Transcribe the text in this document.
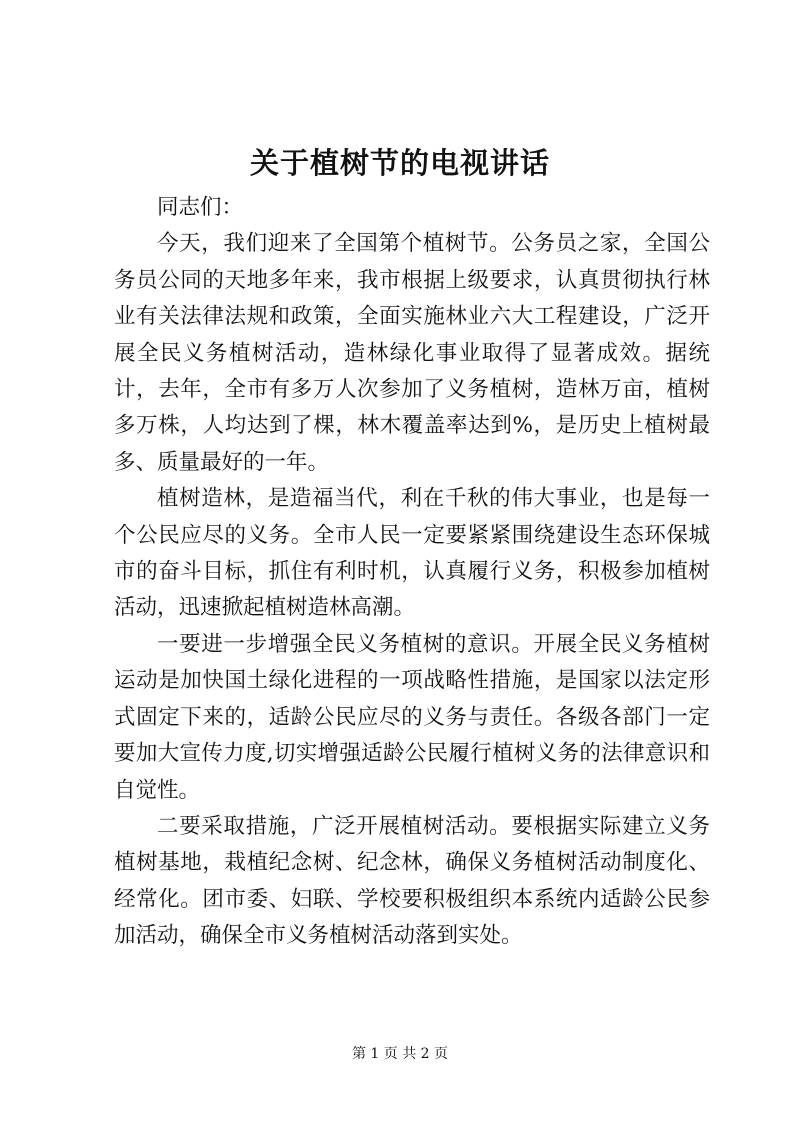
关于植树节的电视讲话

同志们：

今天，我们迎来了全国第个植树节。公务员之家，全国公务员公同的天地多年来，我市根据上级要求，认真贯彻执行林业有关法律法规和政策，全面实施林业六大工程建设，广泛开展全民义务植树活动，造林绿化事业取得了显著成效。据统计，去年，全市有多万人次参加了义务植树，造林万亩，植树多万株，人均达到了棵，林木覆盖率达到%，是历史上植树最多、质量最好的一年。

植树造林，是造福当代，利在千秋的伟大事业，也是每一个公民应尽的义务。全市人民一定要紧紧围绕建设生态环保城市的奋斗目标，抓住有利时机，认真履行义务，积极参加植树活动，迅速掀起植树造林高潮。

一要进一步增强全民义务植树的意识。开展全民义务植树运动是加快国土绿化进程的一项战略性措施，是国家以法定形式固定下来的，适龄公民应尽的义务与责任。各级各部门一定要加大宣传力度,切实增强适龄公民履行植树义务的法律意识和自觉性。

二要采取措施，广泛开展植树活动。要根据实际建立义务植树基地，栽植纪念树、纪念林，确保义务植树活动制度化、经常化。团市委、妇联、学校要积极组织本系统内适龄公民参加活动，确保全市义务植树活动落到实处。

第 1 页 共 2 页
